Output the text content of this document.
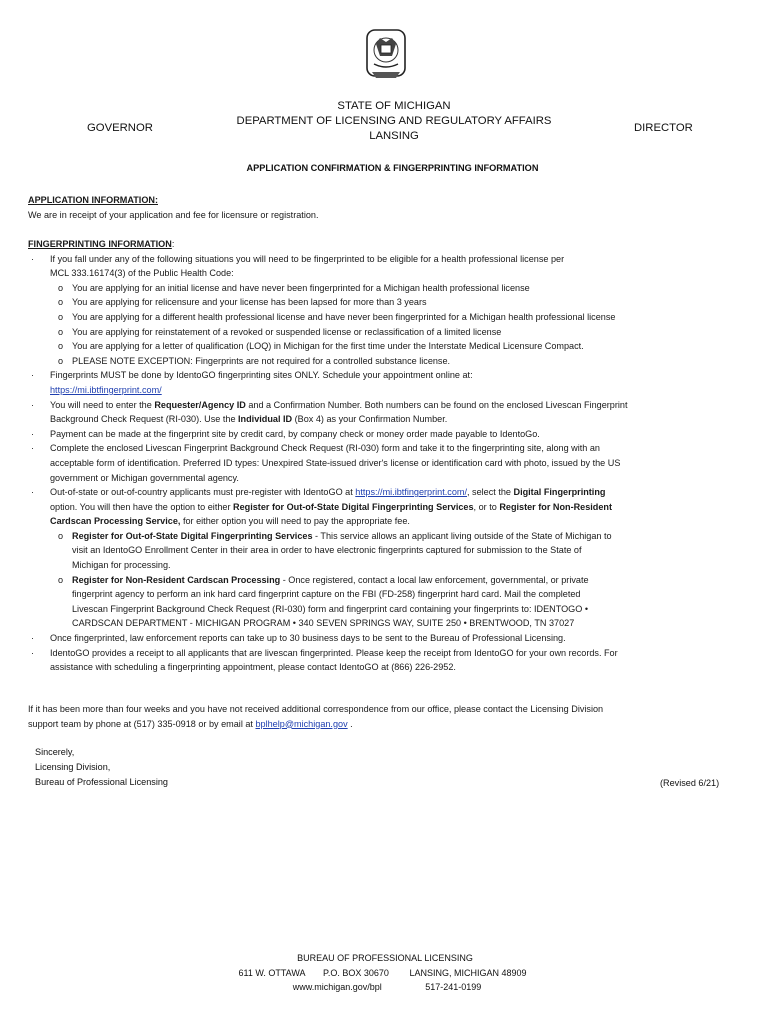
GOVERNOR
STATE OF MICHIGAN
DEPARTMENT OF LICENSING AND REGULATORY AFFAIRS
LANSING
DIRECTOR
APPLICATION CONFIRMATION & FINGERPRINTING INFORMATION
APPLICATION INFORMATION:
We are in receipt of your application and fee for licensure or registration.
FINGERPRINTING INFORMATION:
· If you fall under any of the following situations you will need to be fingerprinted to be eligible for a health professional license per
MCL 333.16174(3) of the Public Health Code:
o You are applying for an initial license and have never been fingerprinted for a Michigan health professional license
o You are applying for relicensure and your license has been lapsed for more than 3 years
o You are applying for a different health professional license and have never been fingerprinted for a Michigan health professional license
o You are applying for reinstatement of a revoked or suspended license or reclassification of a limited license
o You are applying for a letter of qualification (LOQ) in Michigan for the first time under the Interstate Medical Licensure Compact.
o PLEASE NOTE EXCEPTION: Fingerprints are not required for a controlled substance license.
· Fingerprints MUST be done by IdentoGO fingerprinting sites ONLY. Schedule your appointment online at:
https://mi.ibtfingerprint.com/
· You will need to enter the Requester/Agency ID and a Confirmation Number. Both numbers can be found on the enclosed Livescan Fingerprint Background Check Request (RI-030). Use the Individual ID (Box 4) as your Confirmation Number.
· Payment can be made at the fingerprint site by credit card, by company check or money order made payable to IdentoGo.
· Complete the enclosed Livescan Fingerprint Background Check Request (RI-030) form and take it to the fingerprinting site, along with an acceptable form of identification. Preferred ID types: Unexpired State-issued driver's license or identification card with photo, issued by the US government or Michigan governmental agency.
· Out-of-state or out-of-country applicants must pre-register with IdentoGO at https://mi.ibtfingerprint.com/, select the Digital Fingerprinting option. You will then have the option to either Register for Out-of-State Digital Fingerprinting Services, or to Register for Non-Resident Cardscan Processing Service, for either option you will need to pay the appropriate fee.
o Register for Out-of-State Digital Fingerprinting Services - This service allows an applicant living outside of the State of Michigan to visit an IdentoGO Enrollment Center in their area in order to have electronic fingerprints captured for submission to the State of Michigan for processing.
o Register for Non-Resident Cardscan Processing - Once registered, contact a local law enforcement, governmental, or private fingerprint agency to perform an ink hard card fingerprint capture on the FBI (FD-258) fingerprint hard card. Mail the completed Livescan Fingerprint Background Check Request (RI-030) form and fingerprint card containing your fingerprints to: IDENTOGO • CARDSCAN DEPARTMENT - MICHIGAN PROGRAM • 340 SEVEN SPRINGS WAY, SUITE 250 • BRENTWOOD, TN 37027
· Once fingerprinted, law enforcement reports can take up to 30 business days to be sent to the Bureau of Professional Licensing.
· IdentoGO provides a receipt to all applicants that are livescan fingerprinted. Please keep the receipt from IdentoGO for your own records. For assistance with scheduling a fingerprinting appointment, please contact IdentoGO at (866) 226-2952.
If it has been more than four weeks and you have not received additional correspondence from our office, please contact the Licensing Division support team by phone at (517) 335-0918 or by email at bplhelp@michigan.gov .
Sincerely,
Licensing Division,
Bureau of Professional Licensing	(Revised 6/21)
BUREAU OF PROFESSIONAL LICENSING
611 W. OTTAWA P.O. BOX 30670 LANSING, MICHIGAN 48909
www.michigan.gov/bpl	517-241-0199
